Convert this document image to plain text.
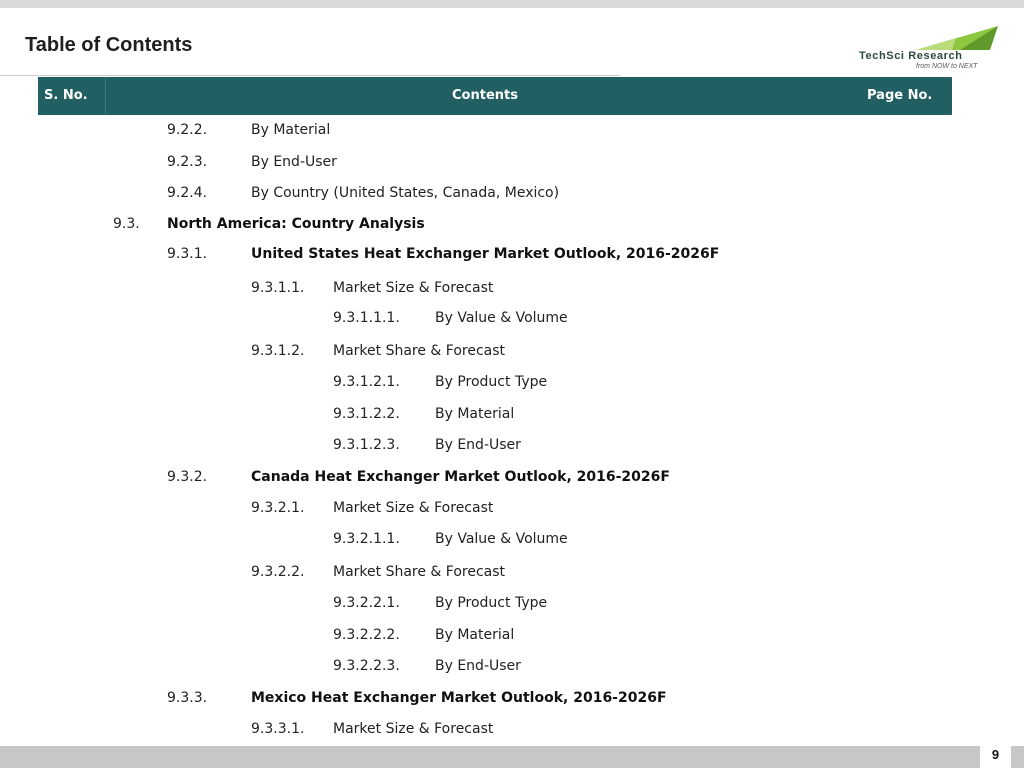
Table of Contents	TechSci Research
from NOW to NEXT
S. No.	Contents	Page No.
9.2.2.	By Material
9.2.3.	By End-User
9.2.4.	By Country (United States, Canada, Mexico)
9.3. North America: Country Analysis
9.3.1.	United States Heat Exchanger Market Outlook, 2016-2026F
9.3.1.1. Market Size & Forecast
9.3.1.1.1.	By Value & Volume
9.3.1.2. Market Share & Forecast
9.3.1.2.1.	By Product Type
9.3.1.2.2.	By Material
9.3.1.2.3.	By End-User
9.3.2.	Canada Heat Exchanger Market Outlook, 2016-2026F
9.3.2.1. Market Size & Forecast
9.3.2.1.1.	By Value & Volume
9.3.2.2. Market Share & Forecast
9.3.2.2.1.	By Product Type
9.3.2.2.2.	By Material
9.3.2.2.3.	By End-User
9.3.3.	Mexico Heat Exchanger Market Outlook, 2016-2026F
9.3.3.1. Market Size & Forecast
9
